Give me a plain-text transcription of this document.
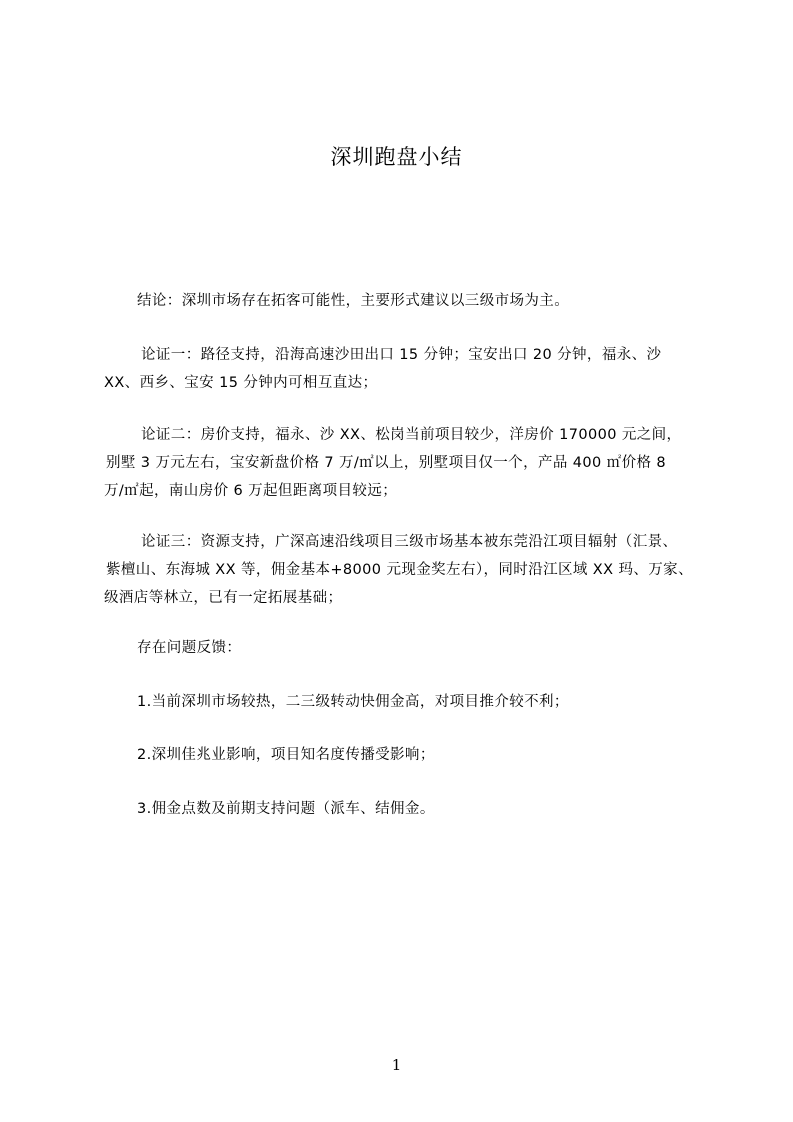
深圳跑盘小结
结论：深圳市场存在拓客可能性，主要形式建议以三级市场为主。
论证一：路径支持，沿海高速沙田出口 15 分钟；宝安出口 20 分钟，福永、沙
XX、西乡、宝安 15 分钟内可相互直达；
论证二：房价支持，福永、沙 XX、松岗当前项目较少，洋房价 170000 元之间，
别墅 3 万元左右，宝安新盘价格 7 万/㎡以上，别墅项目仅一个，产品 400 ㎡价格 8
万/㎡起，南山房价 6 万起但距离项目较远；
论证三：资源支持，广深高速沿线项目三级市场基本被东莞沿江项目辐射（汇景、
紫檀山、东海城 XX 等，佣金基本+8000 元现金奖左右），同时沿江区域 XX 玛、万家、
级酒店等林立，已有一定拓展基础；
存在问题反馈：
1.当前深圳市场较热，二三级转动快佣金高，对项目推介较不利；
2.深圳佳兆业影响，项目知名度传播受影响；
3.佣金点数及前期支持问题（派车、结佣金。
1
